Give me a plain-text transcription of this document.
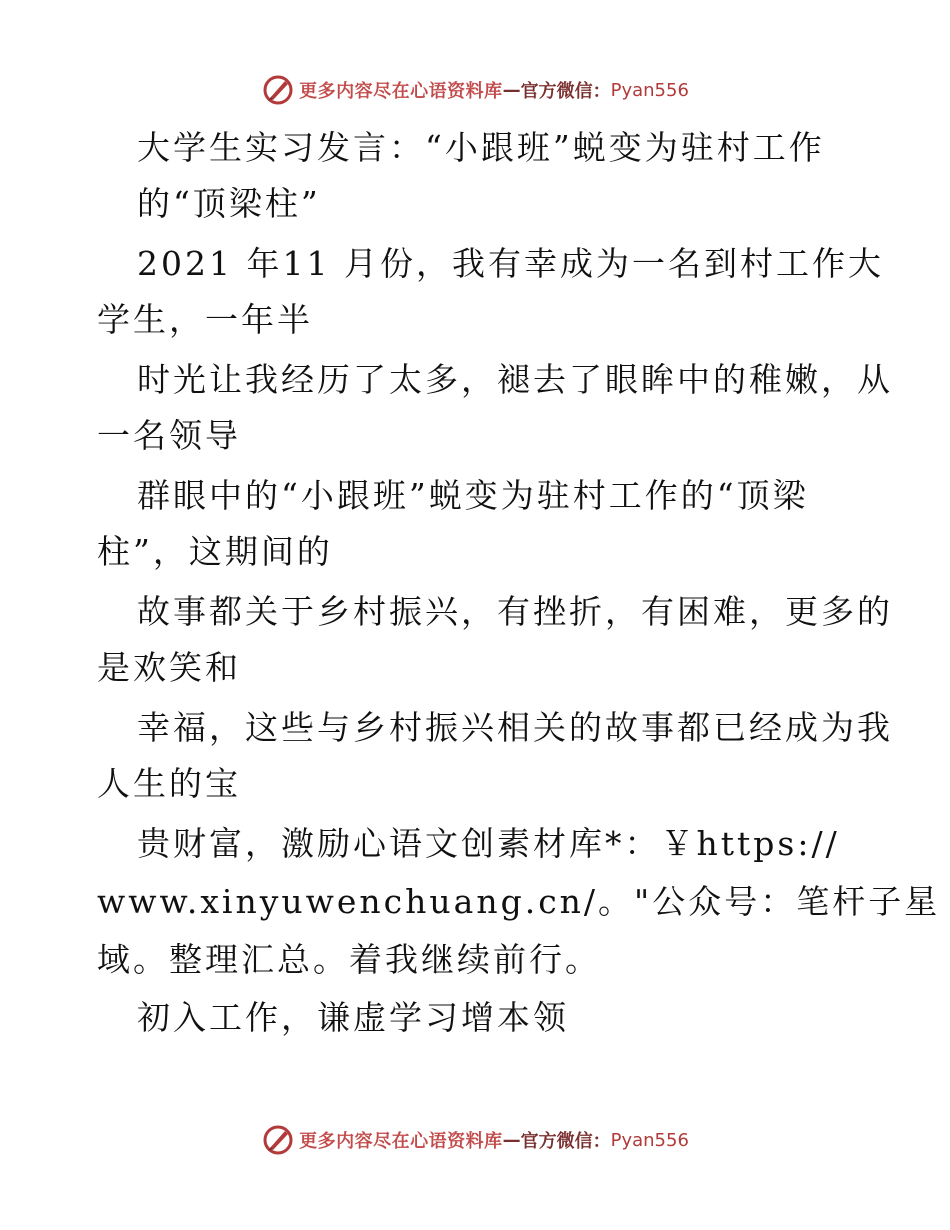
更多内容尽在心语资料库 — 官方微信： Pyan556
大学生实习发言：“小跟班”蜕变为驻村工作
的“顶梁柱”
2021 年11 月份，我有幸成为一名到村工作大
学生，一年半
时光让我经历了太多，褪去了眼眸中的稚嫩，从
一名领导
群眼中的“小跟班”蜕变为驻村工作的“顶梁
柱”，这期间的
故事都关于乡村振兴，有挫折，有困难，更多的
是欢笑和
幸福，这些与乡村振兴相关的故事都已经成为我
人生的宝
贵财富，激励心语文创素材库*：￥https://
www.xinyuwenchuang.cn/。"公众号：笔杆子星
域。整理汇总。着我继续前行。
初入工作，谦虚学习增本领
更多内容尽在心语资料库 — 官方微信： Pyan556
